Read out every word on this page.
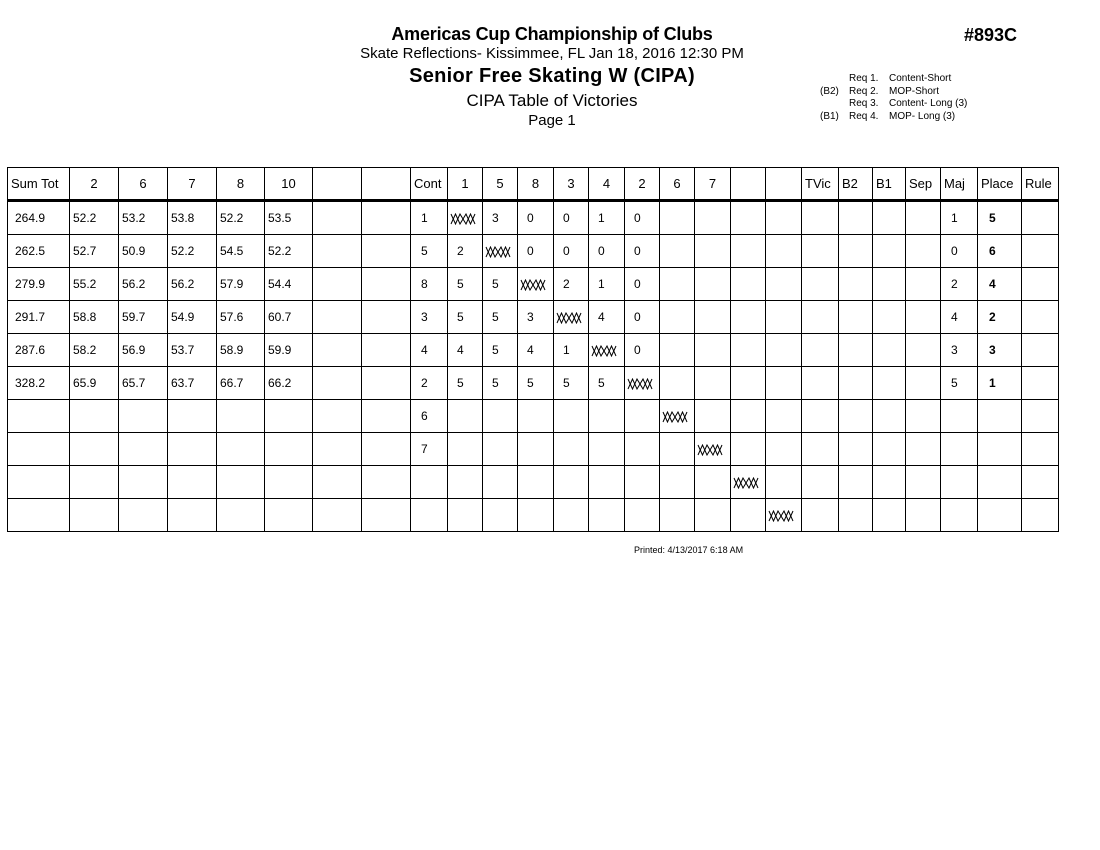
Americas Cup Championship of Clubs
Skate Reflections- Kissimmee, FL Jan 18, 2016 12:30 PM
Senior Free Skating W (CIPA)
CIPA Table of Victories
Page 1
#893C
Req 1.	Content-Short
(B2)	Req 2.	MOP-Short
Req 3.	Content- Long (3)
(B1)	Req 4.	MOP- Long (3)
Sum Tot	2	6	7	8	10			Cont	1	5	8	3	4	2	6	7			TVic	B2	B1	Sep	Maj	Place	Rule
264.9	52.2	53.2	53.8	52.2	53.5			1		3	0	0	1	0									1	5	
262.5	52.7	50.9	52.2	54.5	52.2			5	2		0	0	0	0									0	6	
279.9	55.2	56.2	56.2	57.9	54.4			8	5	5		2	1	0									2	4	
291.7	58.8	59.7	54.9	57.6	60.7			3	5	5	3		4	0									4	2	
287.6	58.2	56.9	53.7	58.9	59.9			4	4	5	4	1		0									3	3	
328.2	65.9	65.7	63.7	66.7	66.2			2	5	5	5	5	5										5	1	
								6																	
								7																	

Printed: 4/13/2017 6:18 AM
